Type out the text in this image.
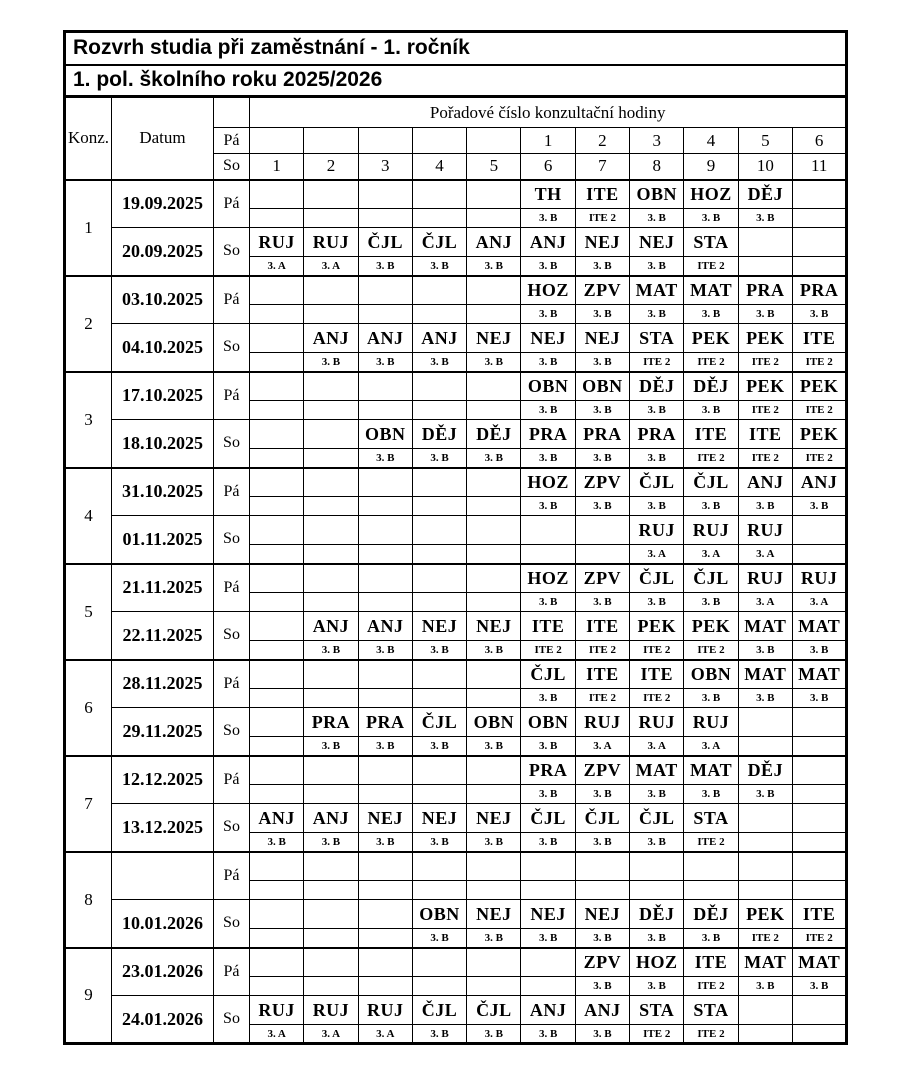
Rozvrh studia při zaměstnání - 1. ročník													
1. pol. školního roku 2025/2026													
Konz.	Datum		Pořadové číslo konzultační hodiny										
		Pá						1	2	3	4	5	6
		So	1	2	3	4	5	6	7	8	9	10	11
1	19.09.2025	Pá						TH	ITE	OBN	HOZ	DĚJ	
								3. B	ITE 2	3. B	3. B	3. B	
	20.09.2025	So	RUJ	RUJ	ČJL	ČJL	ANJ	ANJ	NEJ	NEJ	STA		
			3. A	3. A	3. B	3. B	3. B	3. B	3. B	3. B	ITE 2		
2	03.10.2025	Pá						HOZ	ZPV	MAT	MAT	PRA	PRA
								3. B	3. B	3. B	3. B	3. B	3. B
	04.10.2025	So		ANJ	ANJ	ANJ	NEJ	NEJ	NEJ	STA	PEK	PEK	ITE
				3. B	3. B	3. B	3. B	3. B	3. B	ITE 2	ITE 2	ITE 2	ITE 2
3	17.10.2025	Pá						OBN	OBN	DĚJ	DĚJ	PEK	PEK
								3. B	3. B	3. B	3. B	ITE 2	ITE 2
	18.10.2025	So			OBN	DĚJ	DĚJ	PRA	PRA	PRA	ITE	ITE	PEK
					3. B	3. B	3. B	3. B	3. B	3. B	ITE 2	ITE 2	ITE 2
4	31.10.2025	Pá						HOZ	ZPV	ČJL	ČJL	ANJ	ANJ
								3. B	3. B	3. B	3. B	3. B	3. B
	01.11.2025	So								RUJ	RUJ	RUJ	
										3. A	3. A	3. A	
5	21.11.2025	Pá						HOZ	ZPV	ČJL	ČJL	RUJ	RUJ
								3. B	3. B	3. B	3. B	3. A	3. A
	22.11.2025	So		ANJ	ANJ	NEJ	NEJ	ITE	ITE	PEK	PEK	MAT	MAT
				3. B	3. B	3. B	3. B	ITE 2	ITE 2	ITE 2	ITE 2	3. B	3. B
6	28.11.2025	Pá						ČJL	ITE	ITE	OBN	MAT	MAT
								3. B	ITE 2	ITE 2	3. B	3. B	3. B
	29.11.2025	So		PRA	PRA	ČJL	OBN	OBN	RUJ	RUJ	RUJ		
				3. B	3. B	3. B	3. B	3. B	3. A	3. A	3. A		
7	12.12.2025	Pá						PRA	ZPV	MAT	MAT	DĚJ	
								3. B	3. B	3. B	3. B	3. B	
	13.12.2025	So	ANJ	ANJ	NEJ	NEJ	NEJ	ČJL	ČJL	ČJL	STA		
			3. B	3. B	3. B	3. B	3. B	3. B	3. B	3. B	ITE 2		
8		Pá											

	10.01.2026	So				OBN	NEJ	NEJ	NEJ	DĚJ	DĚJ	PEK	ITE
						3. B	3. B	3. B	3. B	3. B	3. B	ITE 2	ITE 2
9	23.01.2026	Pá							ZPV	HOZ	ITE	MAT	MAT
									3. B	3. B	ITE 2	3. B	3. B
	24.01.2026	So	RUJ	RUJ	RUJ	ČJL	ČJL	ANJ	ANJ	STA	STA		
			3. A	3. A	3. A	3. B	3. B	3. B	3. B	ITE 2	ITE 2		
